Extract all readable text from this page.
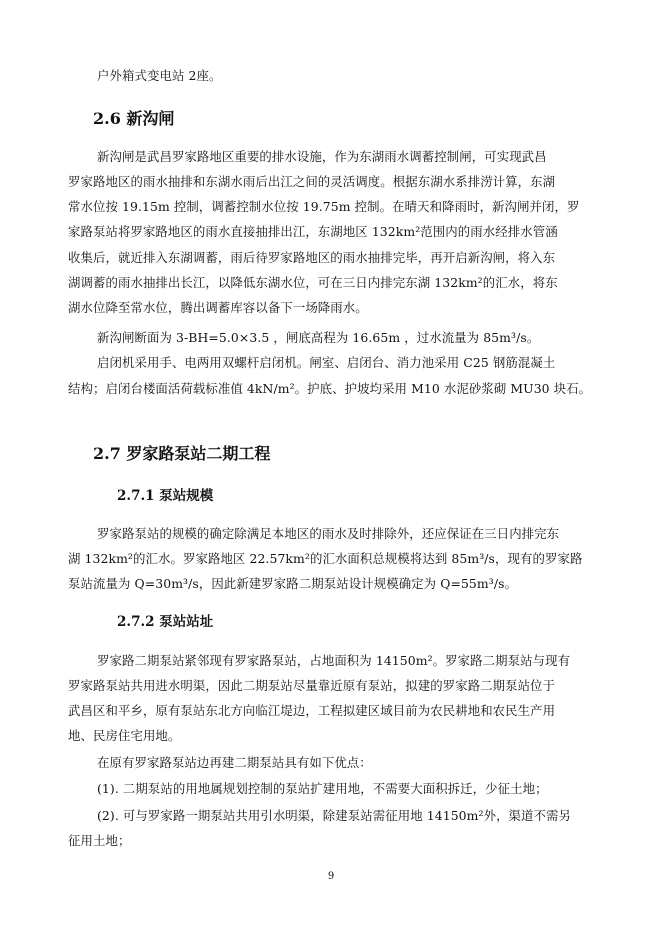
户外箱式变电站 2座。
2.6 新沟闸
新沟闸是武昌罗家路地区重要的排水设施，作为东湖雨水调蓄控制闸，可实现武昌
罗家路地区的雨水抽排和东湖水雨后出江之间的灵活调度。根据东湖水系排涝计算，东湖
常水位按 19.15m 控制，调蓄控制水位按 19.75m 控制。在晴天和降雨时，新沟闸并闭，罗
家路泵站将罗家路地区的雨水直接抽排出江，东湖地区 132km²范围内的雨水经排水管涵
收集后，就近排入东湖调蓄，雨后待罗家路地区的雨水抽排完毕，再开启新沟闸，将入东
湖调蓄的雨水抽排出长江，以降低东湖水位，可在三日内排完东湖 132km²的汇水，将东
湖水位降至常水位，腾出调蓄库容以备下一场降雨水。
新沟闸断面为 3-BH=5.0×3.5 ，闸底高程为 16.65m ，过水流量为 85m³/s。
启闭机采用手、电两用双螺杆启闭机。闸室、启闭台、消力池采用 C25 钢筋混凝土
结构；启闭台楼面活荷载标准值 4kN/m²。护底、护坡均采用 M10 水泥砂浆砌 MU30 块石。
2.7 罗家路泵站二期工程
2.7.1 泵站规模
罗家路泵站的规模的确定除满足本地区的雨水及时排除外，还应保证在三日内排完东
湖 132km²的汇水。罗家路地区 22.57km²的汇水面积总规模将达到 85m³/s，现有的罗家路
泵站流量为 Q=30m³/s，因此新建罗家路二期泵站设计规模确定为 Q=55m³/s。
2.7.2 泵站站址
罗家路二期泵站紧邻现有罗家路泵站，占地面积为 14150m²。罗家路二期泵站与现有
罗家路泵站共用进水明渠，因此二期泵站尽量靠近原有泵站，拟建的罗家路二期泵站位于
武昌区和平乡，原有泵站东北方向临江堤边，工程拟建区域目前为农民耕地和农民生产用
地、民房住宅用地。
在原有罗家路泵站边再建二期泵站具有如下优点：
(1). 二期泵站的用地属规划控制的泵站扩建用地，不需要大面积拆迁，少征土地；
(2). 可与罗家路一期泵站共用引水明渠，除建泵站需征用地 14150m²外，渠道不需另
征用土地；
9
